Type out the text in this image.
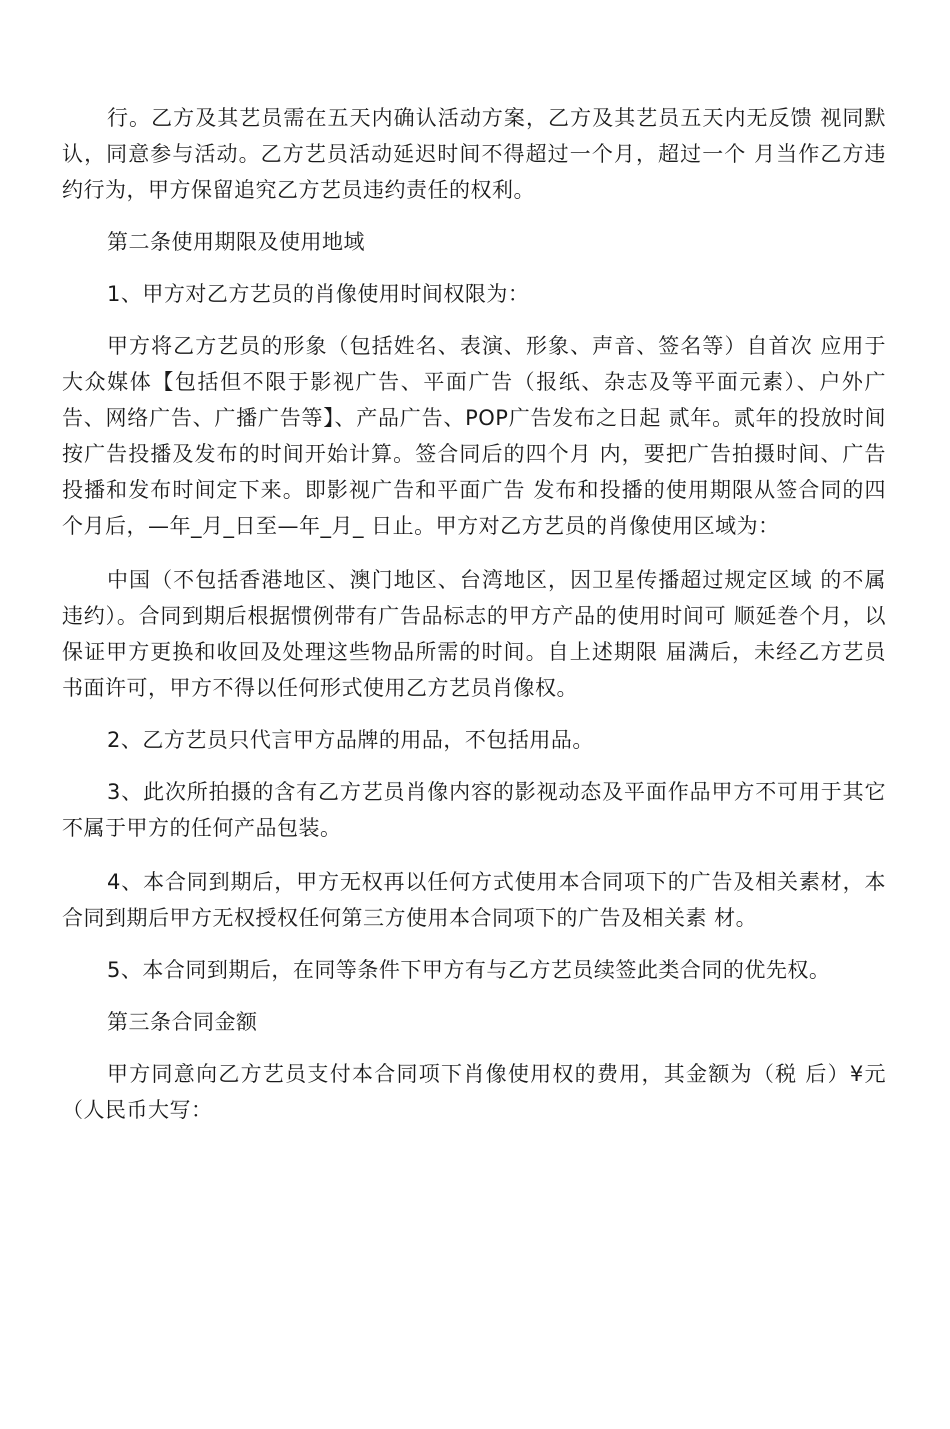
行。乙方及其艺员需在五天内确认活动方案，乙方及其艺员五天内无反馈 视同默认，同意参与活动。乙方艺员活动延迟时间不得超过一个月，超过一个 月当作乙方违约行为，甲方保留追究乙方艺员违约责任的权利。

第二条使用期限及使用地域

1、甲方对乙方艺员的肖像使用时间权限为：

甲方将乙方艺员的形象（包括姓名、表演、形象、声音、签名等）自首次 应用于大众媒体【包括但不限于影视广告、平面广告（报纸、杂志及等平面元素）、户外广告、网络广告、广播广告等】、产品广告、POP广告发布之日起 贰年。贰年的投放时间按广告投播及发布的时间开始计算。签合同后的四个月 内，要把广告拍摄时间、广告投播和发布时间定下来。即影视广告和平面广告 发布和投播的使用期限从签合同的四个月后，—年_月_日至—年_月_ 日止。甲方对乙方艺员的肖像使用区域为：

中国（不包括香港地区、澳门地区、台湾地区，因卫星传播超过规定区域 的不属违约）。合同到期后根据惯例带有广告品标志的甲方产品的使用时间可 顺延巻个月，以保证甲方更换和收回及处理这些物品所需的时间。自上述期限 届满后，未经乙方艺员书面许可，甲方不得以任何形式使用乙方艺员肖像权。

2、乙方艺员只代言甲方品牌的用品，不包括用品。

3、此次所拍摄的含有乙方艺员肖像内容的影视动态及平面作品甲方不可用于其它不属于甲方的任何产品包装。

4、本合同到期后，甲方无权再以任何方式使用本合同项下的广告及相关素材，本合同到期后甲方无权授权任何第三方使用本合同项下的广告及相关素 材。

5、本合同到期后，在同等条件下甲方有与乙方艺员续签此类合同的优先权。

第三条合同金额

甲方同意向乙方艺员支付本合同项下肖像使用权的费用，其金额为（税 后）¥元（人民币大写：
